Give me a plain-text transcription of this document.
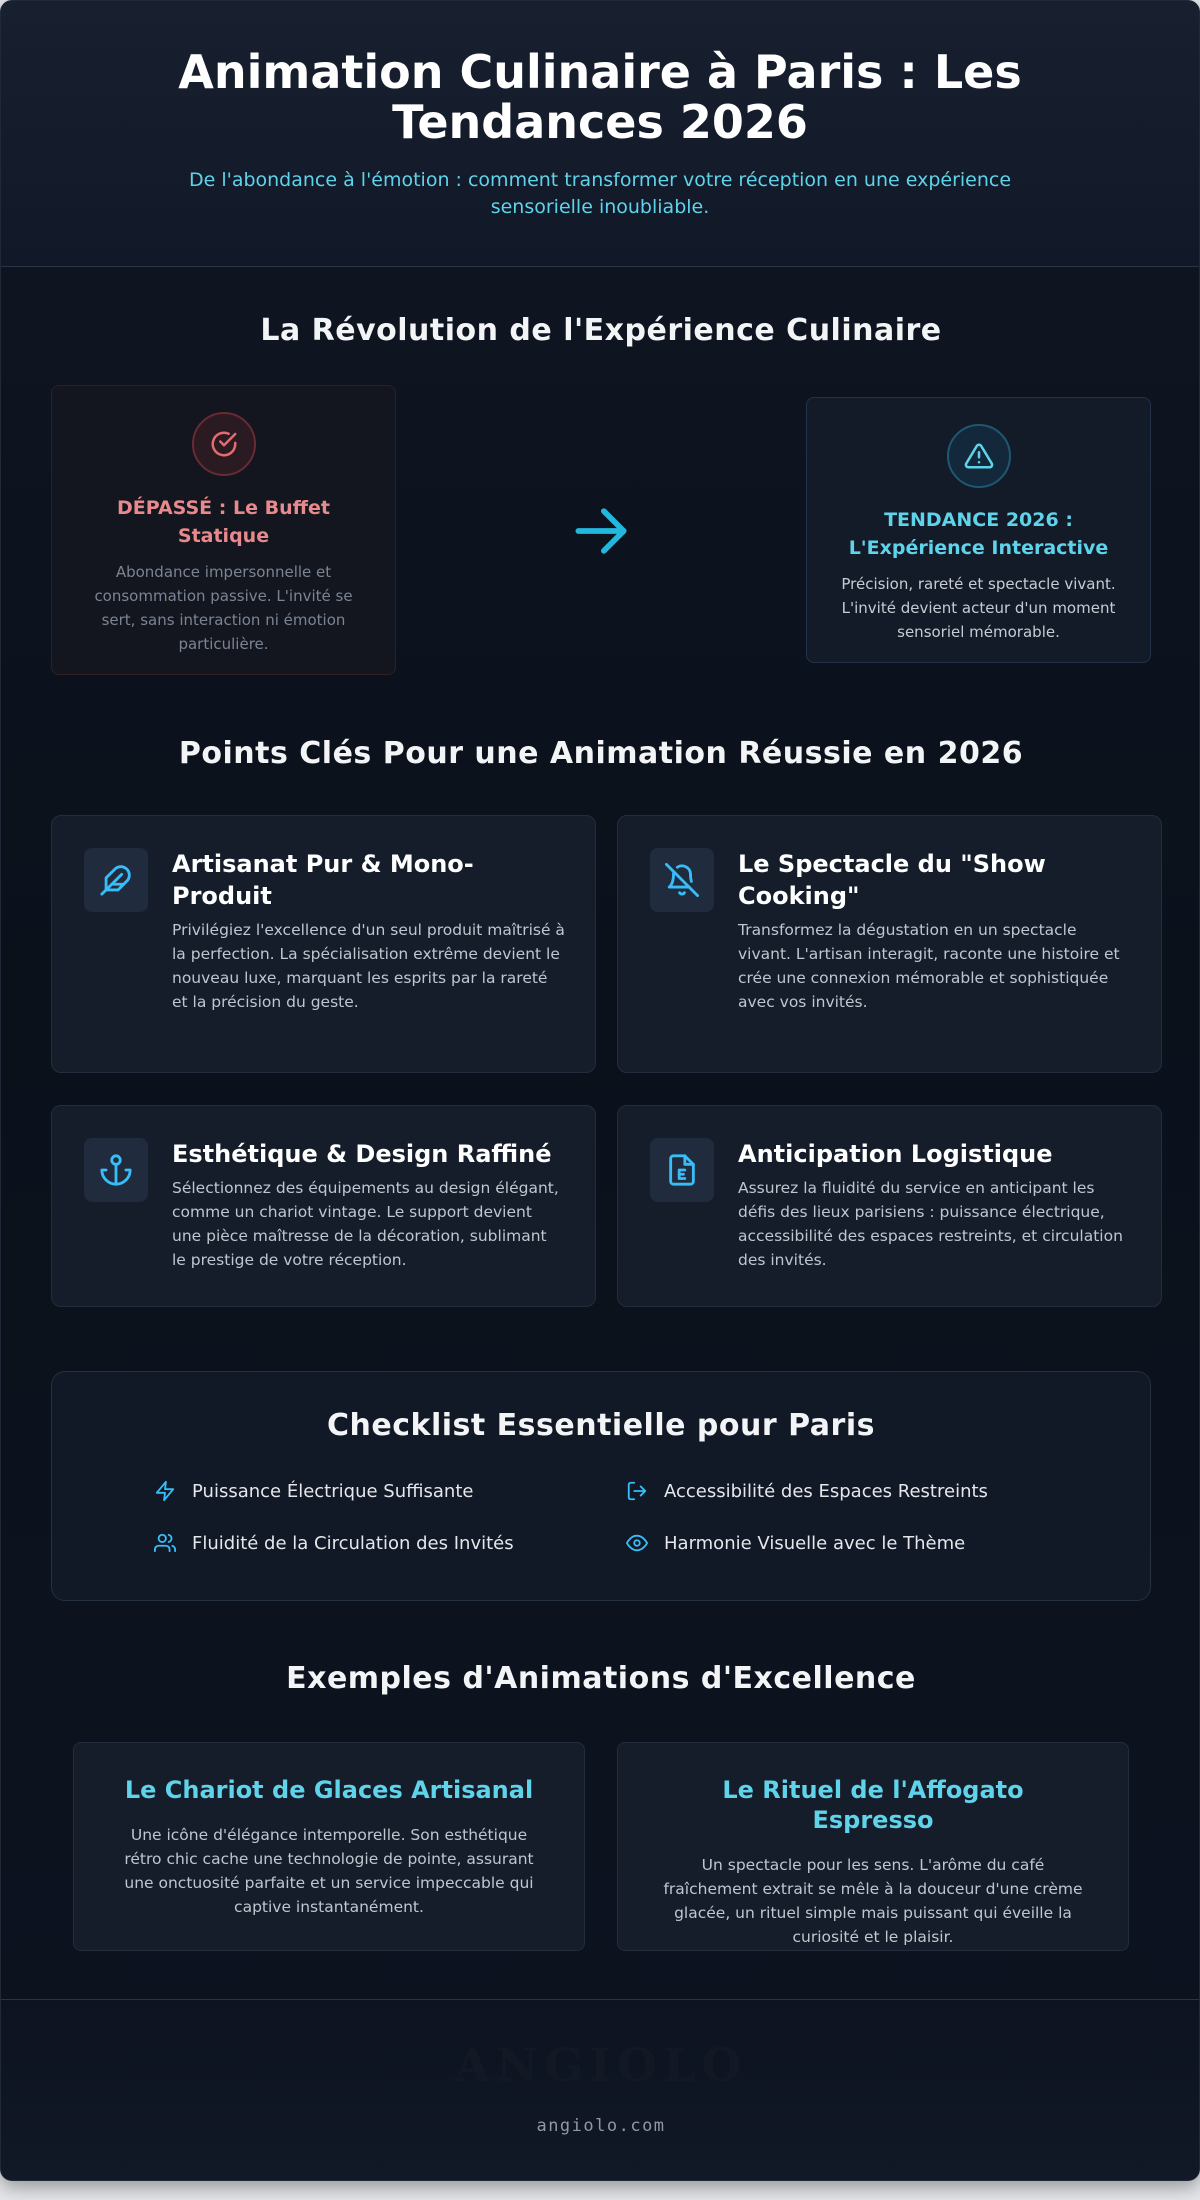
Animation Culinaire à Paris : Les Tendances 2026

De l'abondance à l'émotion : comment transformer votre réception en une expérience sensorielle inoubliable.

La Révolution de l'Expérience Culinaire
DÉPASSÉ : Le Buffet Statique

Abondance impersonnelle et consommation passive. L'invité se sert, sans interaction ni émotion particulière.

TENDANCE 2026 : L'Expérience Interactive

Précision, rareté et spectacle vivant. L'invité devient acteur d'un moment sensoriel mémorable.

Points Clés Pour une Animation Réussie en 2026
Artisanat Pur & Mono-Produit

Privilégiez l'excellence d'un seul produit maîtrisé à la perfection. La spécialisation extrême devient le nouveau luxe, marquant les esprits par la rareté et la précision du geste.

Le Spectacle du "Show Cooking"

Transformez la dégustation en un spectacle vivant. L'artisan interagit, raconte une histoire et crée une connexion mémorable et sophistiquée avec vos invités.

Esthétique & Design Raffiné

Sélectionnez des équipements au design élégant, comme un chariot vintage. Le support devient une pièce maîtresse de la décoration, sublimant le prestige de votre réception.

Anticipation Logistique

Assurez la fluidité du service en anticipant les défis des lieux parisiens : puissance électrique, accessibilité des espaces restreints, et circulation des invités.

Checklist Essentielle pour Paris
Puissance Électrique Suffisante	Accessibilité des Espaces Restreints
Fluidité de la Circulation des Invités	Harmonie Visuelle avec le Thème
Exemples d'Animations d'Excellence
Le Chariot de Glaces Artisanal

Une icône d'élégance intemporelle. Son esthétique rétro chic cache une technologie de pointe, assurant une onctuosité parfaite et un service impeccable qui captive instantanément.

Le Rituel de l'Affogato Espresso

Un spectacle pour les sens. L'arôme du café fraîchement extrait se mêle à la douceur d'une crème glacée, un rituel simple mais puissant qui éveille la curiosité et le plaisir.

ANGIOLO
angiolo.com
